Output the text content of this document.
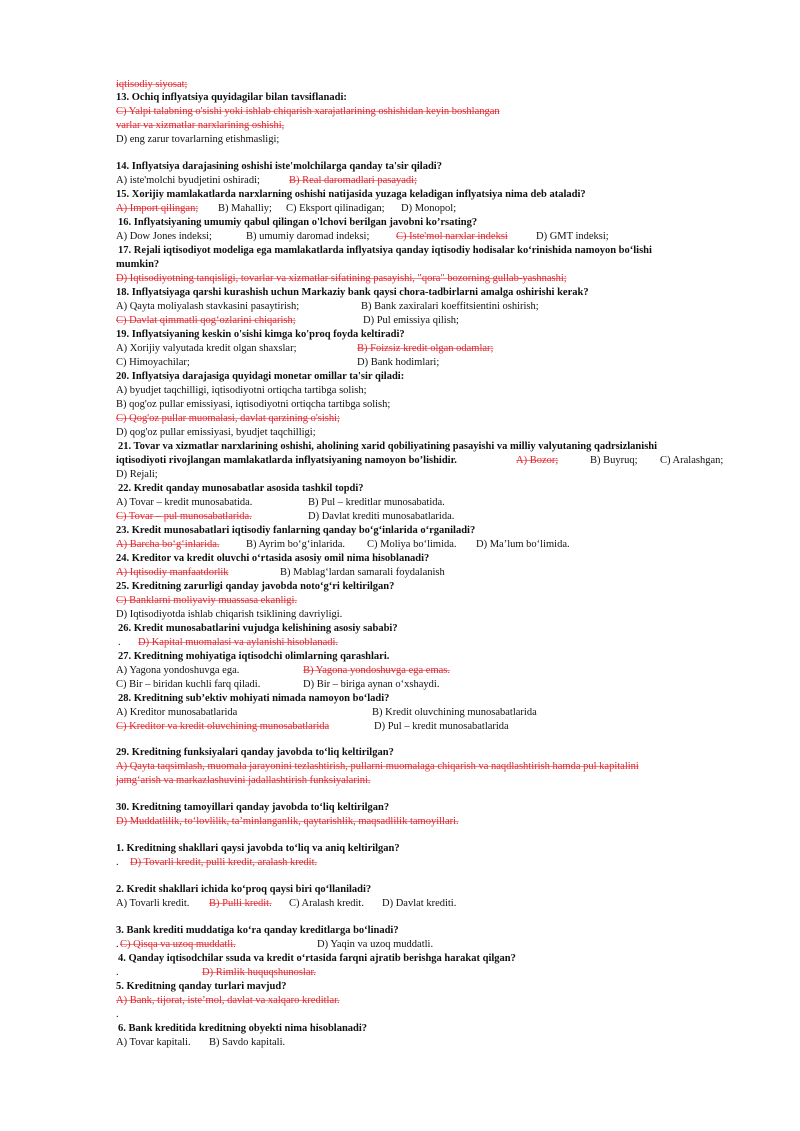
iqtisodiy siyosat;
13. Ochiq inflyatsiya quyidagilar bilan tavsiflanadi:
C) Yalpi talabning o'sishi yoki ishlab chiqarish xarajatlarining oshishidan keyin boshlangan
varlar va xizmatlar narxlarining oshishi,
D) eng zarur tovarlarning etishmasligi;
14. Inflyatsiya darajasining oshishi iste'molchilarga qanday ta'sir qiladi?
A) iste'molchi byudjetini oshiradi;	B) Real daromadlari pasayadi;
15. Xorijiy mamlakatlarda narxlarning oshishi natijasida yuzaga keladigan inflyatsiya nima deb ataladi?
A) Import qilingan; B) Mahalliy; C) Eksport qilinadigan; D) Monopol;
16. Inflyatsiyaning umumiy qabul qilingan o'lchovi berilgan javobni ko’rsating?
A) Dow Jones indeksi;	B) umumiy daromad indeksi;	C) Iste'mol narxlar indeksi	D) GMT indeksi;
17. Rejali iqtisodiyot modeliga ega mamlakatlarda inflyatsiya qanday iqtisodiy hodisalar ko‘rinishida namoyon bo‘lishi
mumkin?
D) Iqtisodiyotning tanqisligi, tovarlar va xizmatlar sifatining pasayishi, "qora" bozorning gullab-yashnashi;
18. Inflyatsiyaga qarshi kurashish uchun Markaziy bank qaysi chora-tadbirlarni amalga oshirishi kerak?
A) Qayta moliyalash stavkasini pasaytirish;	B) Bank zaxiralari koeffitsientini oshirish;
C) Davlat qimmatli qog‘ozlarini chiqarish;	D) Pul emissiya qilish;
19. Inflyatsiyaning keskin o'sishi kimga ko'proq foyda keltiradi?
A) Xorijiy valyutada kredit olgan shaxslar;	B) Foizsiz kredit olgan odamlar;
C) Himoyachilar;	D) Bank hodimlari;
20. Inflyatsiya darajasiga quyidagi monetar omillar ta'sir qiladi:
A) byudjet taqchilligi, iqtisodiyotni ortiqcha tartibga solish;
B) qog'oz pullar emissiyasi, iqtisodiyotni ortiqcha tartibga solish;
C) Qog'oz pullar muomalasi, davlat qarzining o'sishi;
D) qog'oz pullar emissiyasi, byudjet taqchilligi;
21. Tovar va xizmatlar narxlarining oshishi, aholining xarid qobiliyatining pasayishi va milliy valyutaning qadrsizlanishi
iqtisodiyoti rivojlangan mamlakatlarda inflyatsiyaning namoyon bo’lishidir.	A) Bozor;	B) Buyruq; C) Aralashgan;
D) Rejali;
22. Kredit qanday munosabatlar asosida tashkil topdi?
A) Tovar – kredit munosabatida.	B) Pul – kreditlar munosabatida.
C) Tovar – pul munosabatlarida.	D) Davlat krediti munosabatlarida.
23. Kredit munosabatlari iqtisodiy fanlarning qanday bo‘g‘inlarida o‘rganiladi?
A) Barcha bo‘g‘inlarida.	B) Ayrim bo‘g‘inlarida. C) Moliya bo‘limida. D) Ma’lum bo‘limida.
24. Kreditor va kredit oluvchi o‘rtasida asosiy omil nima hisoblanadi?
A) Iqtisodiy manfaatdorlik	B) Mablag‘lardan samarali foydalanish
25. Kreditning zarurligi qanday javobda noto‘g‘ri keltirilgan?
C) Banklarni moliyaviy muassasa ekanligi.
D) Iqtisodiyotda ishlab chiqarish tsiklining davriyligi.
26. Kredit munosabatlarini vujudga kelishining asosiy sababi?
. D) Kapital muomalasi va aylanishi hisoblanadi.
27. Kreditning mohiyatiga iqtisodchi olimlarning qarashlari.
A) Yagona yondoshuvga ega.	B) Yagona yondoshuvga ega emas.
C) Bir – biridan kuchli farq qiladi.	D) Bir – biriga aynan o‘xshaydi.
28. Kreditning sub’ektiv mohiyati nimada namoyon bo‘ladi?
A) Kreditor munosabatlarida	B) Kredit oluvchining munosabatlarida
C) Kreditor va kredit oluvchining munosabatlarida	D) Pul – kredit munosabatlarida
29. Kreditning funksiyalari qanday javobda to‘liq keltirilgan?
A) Qayta taqsimlash, muomala jarayonini tezlashtirish, pullarni muomalaga chiqarish va naqdlashtirish hamda pul kapitalini
jamg‘arish va markazlashuvini jadallashtirish funksiyalarini.
30. Kreditning tamoyillari qanday javobda to‘liq keltirilgan?
D) Muddatlilik, to‘lovlilik, ta’minlanganlik, qaytarishlik, maqsadlilik tamoyillari.
1. Kreditning shakllari qaysi javobda to‘liq va aniq keltirilgan?
. D) Tovarli kredit, pulli kredit, aralash kredit.
2. Kredit shakllari ichida ko‘proq qaysi biri qo‘llaniladi?
A) Tovarli kredit. B) Pulli kredit. C) Aralash kredit. D) Davlat krediti.
3. Bank krediti muddatiga ko‘ra qanday kreditlarga bo‘linadi?
. C) Qisqa va uzoq muddatli.	D) Yaqin va uzoq muddatli.
4. Qanday iqtisodchilar ssuda va kredit o‘rtasida farqni ajratib berishga harakat qilgan?
.	D) Rimlik huquqshunoslar.
5. Kreditning qanday turlari mavjud?
A) Bank, tijorat, iste’mol, davlat va xalqaro kreditlar.
.
6. Bank kreditida kreditning obyekti nima hisoblanadi?
A) Tovar kapitali. B) Savdo kapitali.
